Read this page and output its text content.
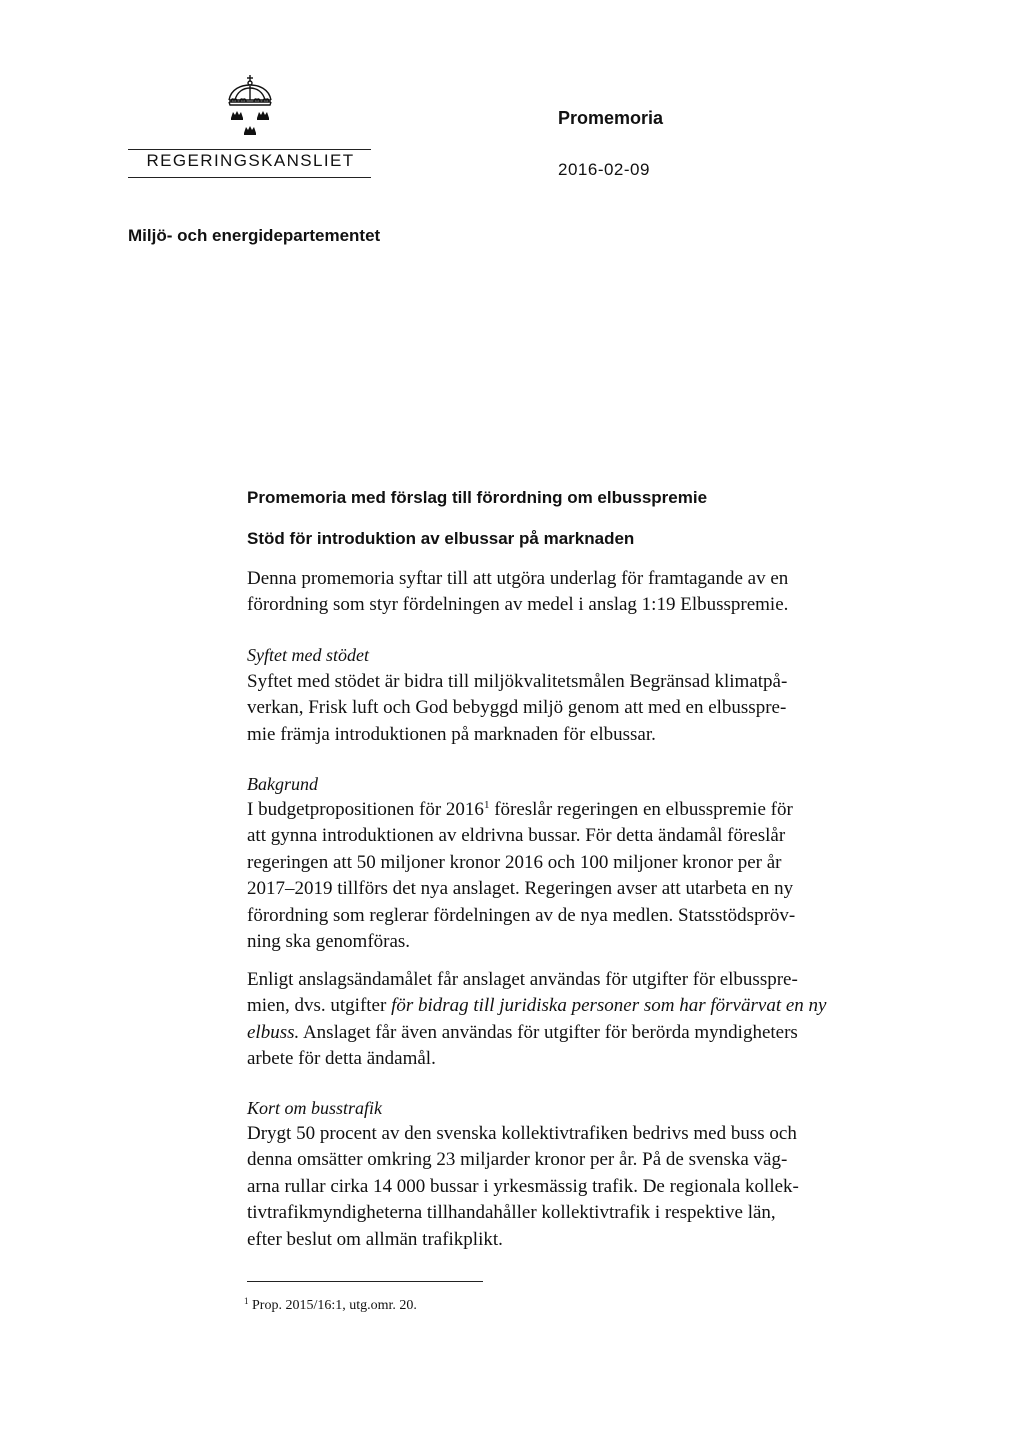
REGERINGSKANSLIET
Promemoria
2016-02-09
Miljö- och energidepartementet
Promemoria med förslag till förordning om elbusspremie
Stöd för introduktion av elbussar på marknaden

Denna promemoria syftar till att utgöra underlag för framtagande av en
förordning som styr fördelningen av medel i anslag 1:19 Elbusspremie.

Syftet med stödet

Syftet med stödet är bidra till miljökvalitetsmålen Begränsad klimatpå-
verkan, Frisk luft och God bebyggd miljö genom att med en elbusspre-
mie främja introduktionen på marknaden för elbussar.

Bakgrund

I budgetpropositionen för 2016$^1$ föreslår regeringen en elbusspremie för
att gynna introduktionen av eldrivna bussar. För detta ändamål föreslår
regeringen att 50 miljoner kronor 2016 och 100 miljoner kronor per år
2017–2019 tillförs det nya anslaget. Regeringen avser att utarbeta en ny
förordning som reglerar fördelningen av de nya medlen. Statsstödspröv-
ning ska genomföras.

Enligt anslagsändamålet får anslaget användas för utgifter för elbusspre-
mien, dvs. utgifter för bidrag till juridiska personer som har förvärvat en ny
elbuss. Anslaget får även användas för utgifter för berörda myndigheters
arbete för detta ändamål.

Kort om busstrafik

Drygt 50 procent av den svenska kollektivtrafiken bedrivs med buss och
denna omsätter omkring 23 miljarder kronor per år. På de svenska väg-
arna rullar cirka 14 000 bussar i yrkesmässig trafik. De regionala kollek-
tivtrafikmyndigheterna tillhandahåller kollektivtrafik i respektive län,
efter beslut om allmän trafikplikt.

$^1$ Prop. 2015/16:1, utg.omr. 20.
